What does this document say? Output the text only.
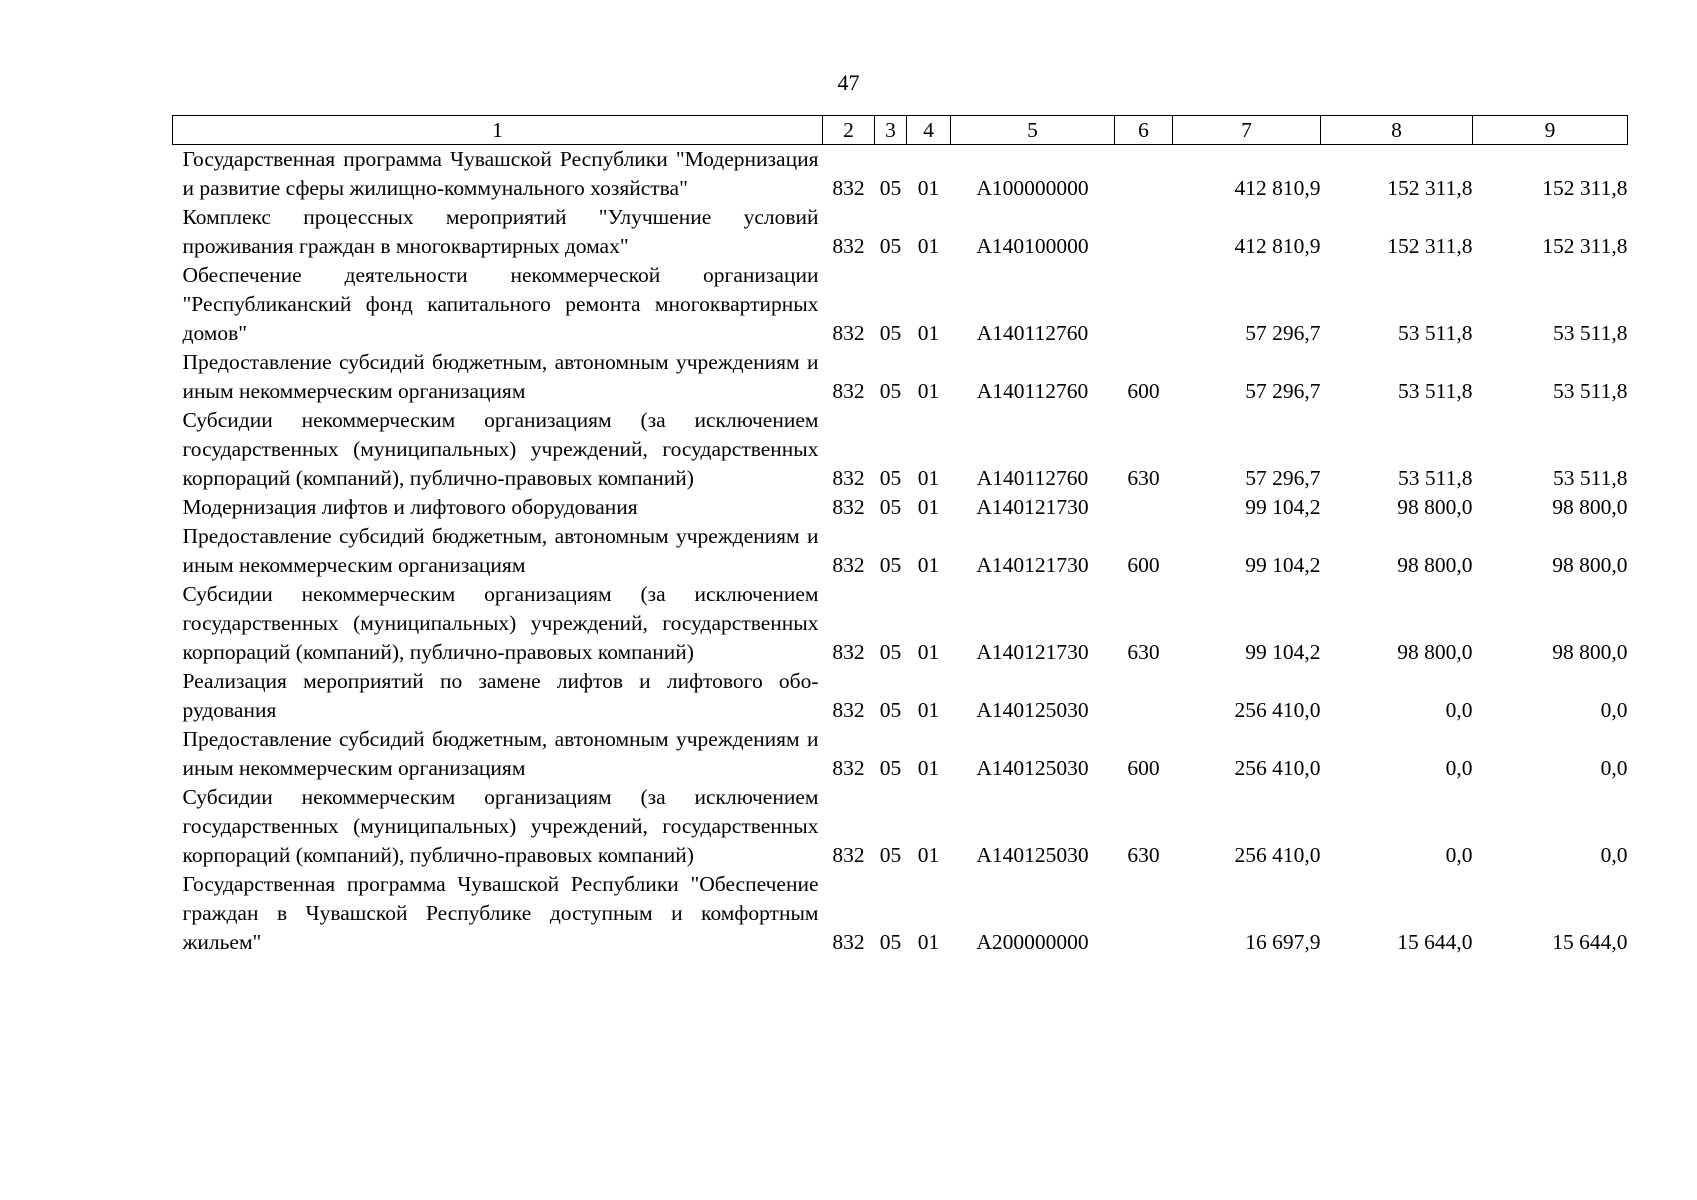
47
1	2	3	4	5	6	7	8	9
Государственная программа Чувашской Республики "Модернизация и развитие сферы жилищно-коммунального хозяйства"	832	05	01	А100000000		412 810,9	152 311,8	152 311,8
Комплекс процессных мероприятий "Улучшение условий проживания граждан в многоквартирных домах"	832	05	01	А140100000		412 810,9	152 311,8	152 311,8
Обеспечение деятельности некоммерческой организации "Республиканский фонд капитального ремонта многоквартирных домов"	832	05	01	А140112760		57 296,7	53 511,8	53 511,8
Предоставление субсидий бюджетным, автономным учреждениям и иным некоммерческим организациям	832	05	01	А140112760	600	57 296,7	53 511,8	53 511,8
Субсидии некоммерческим организациям (за исключением государственных (муниципальных) учреждений, государственных корпораций (компаний), публично-правовых компаний)	832	05	01	А140112760	630	57 296,7	53 511,8	53 511,8
Модернизация лифтов и лифтового оборудования	832	05	01	А140121730		99 104,2	98 800,0	98 800,0
Предоставление субсидий бюджетным, автономным учреждениям и иным некоммерческим организациям	832	05	01	А140121730	600	99 104,2	98 800,0	98 800,0
Субсидии некоммерческим организациям (за исключением государственных (муниципальных) учреждений, государственных корпораций (компаний), публично-правовых компаний)	832	05	01	А140121730	630	99 104,2	98 800,0	98 800,0
Реализация мероприятий по замене лифтов и лифтового оборудования	832	05	01	А140125030		256 410,0	0,0	0,0
Предоставление субсидий бюджетным, автономным учреждениям и иным некоммерческим организациям	832	05	01	А140125030	600	256 410,0	0,0	0,0
Субсидии некоммерческим организациям (за исключением государственных (муниципальных) учреждений, государственных корпораций (компаний), публично-правовых компаний)	832	05	01	А140125030	630	256 410,0	0,0	0,0
Государственная программа Чувашской Республики "Обеспечение граждан в Чувашской Республике доступным и комфортным жильем"	832	05	01	А200000000		16 697,9	15 644,0	15 644,0
